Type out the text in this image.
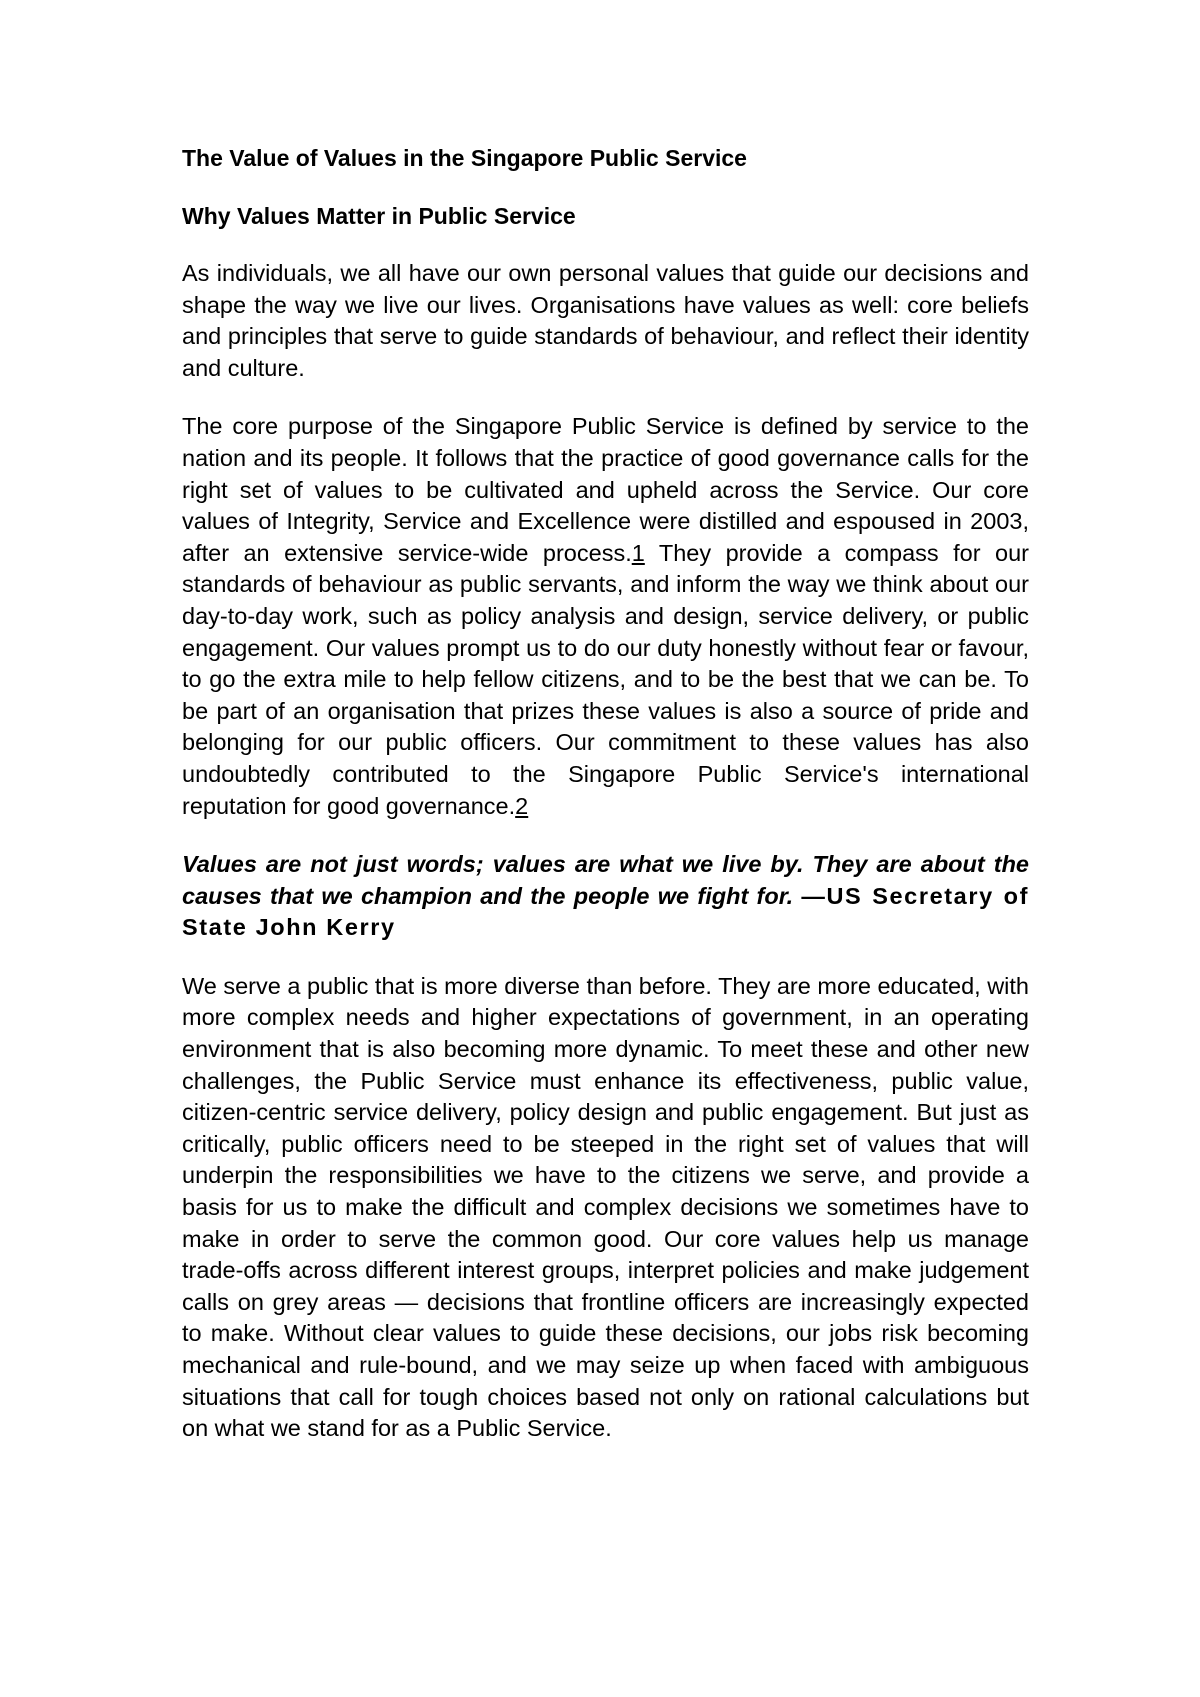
The Value of Values in the Singapore Public Service
Why Values Matter in Public Service

As individuals, we all have our own personal values that guide our decisions and shape the way we live our lives. Organisations have values as well: core beliefs and principles that serve to guide standards of behaviour, and reflect their identity and culture.

The core purpose of the Singapore Public Service is defined by service to the nation and its people. It follows that the practice of good governance calls for the right set of values to be cultivated and upheld across the Service. Our core values of Integrity, Service and Excellence were distilled and espoused in 2003, after an extensive service-wide process.1 They provide a compass for our standards of behaviour as public servants, and inform the way we think about our day-to-day work, such as policy analysis and design, service delivery, or public engagement. Our values prompt us to do our duty honestly without fear or favour, to go the extra mile to help fellow citizens, and to be the best that we can be. To be part of an organisation that prizes these values is also a source of pride and belonging for our public officers. Our commitment to these values has also undoubtedly contributed to the Singapore Public Service's international reputation for good governance.2

Values are not just words; values are what we live by. They are about the causes that we champion and the people we fight for. —US Secretary of State John Kerry

We serve a public that is more diverse than before. They are more educated, with more complex needs and higher expectations of government, in an operating environment that is also becoming more dynamic. To meet these and other new challenges, the Public Service must enhance its effectiveness, public value, citizen-centric service delivery, policy design and public engagement. But just as critically, public officers need to be steeped in the right set of values that will underpin the responsibilities we have to the citizens we serve, and provide a basis for us to make the difficult and complex decisions we sometimes have to make in order to serve the common good. Our core values help us manage trade-offs across different interest groups, interpret policies and make judgement calls on grey areas — decisions that frontline officers are increasingly expected to make. Without clear values to guide these decisions, our jobs risk becoming mechanical and rule-bound, and we may seize up when faced with ambiguous situations that call for tough choices based not only on rational calculations but on what we stand for as a Public Service.
